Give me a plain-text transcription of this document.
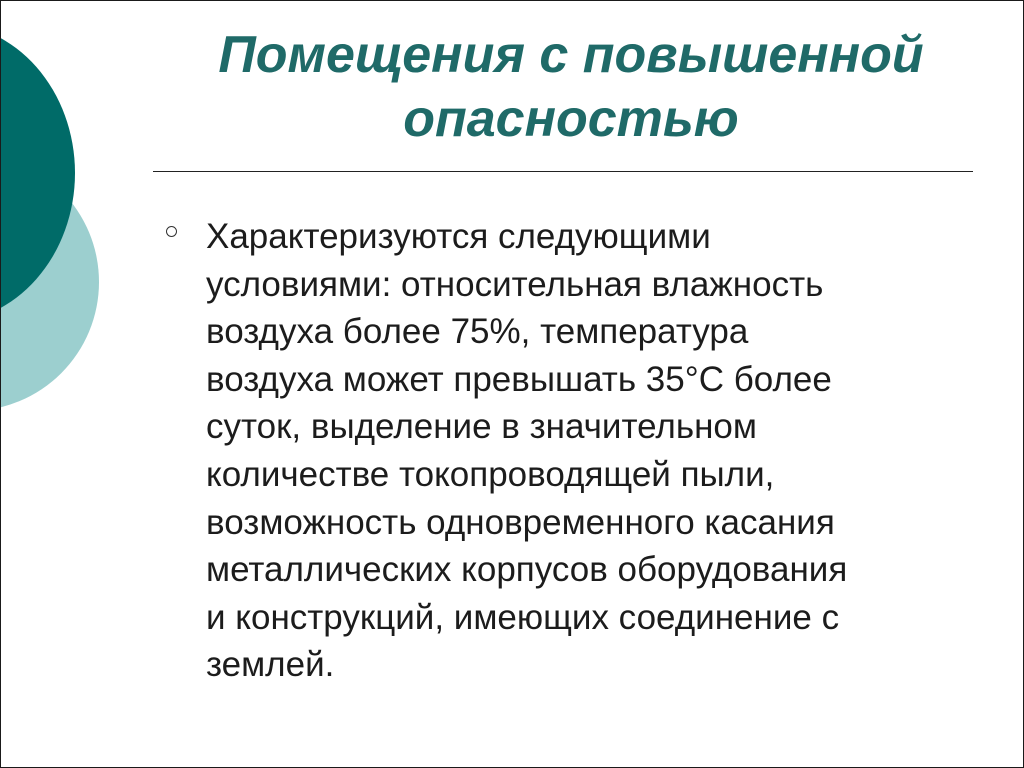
Помещения с повышенной
опасностью

Характеризуются следующими
условиями: относительная влажность
воздуха более 75%, температура
воздуха может превышать 35°С более
суток, выделение в значительном
количестве токопроводящей пыли,
возможность одновременного касания
металлических корпусов оборудования
и конструкций, имеющих соединение с
землей.
